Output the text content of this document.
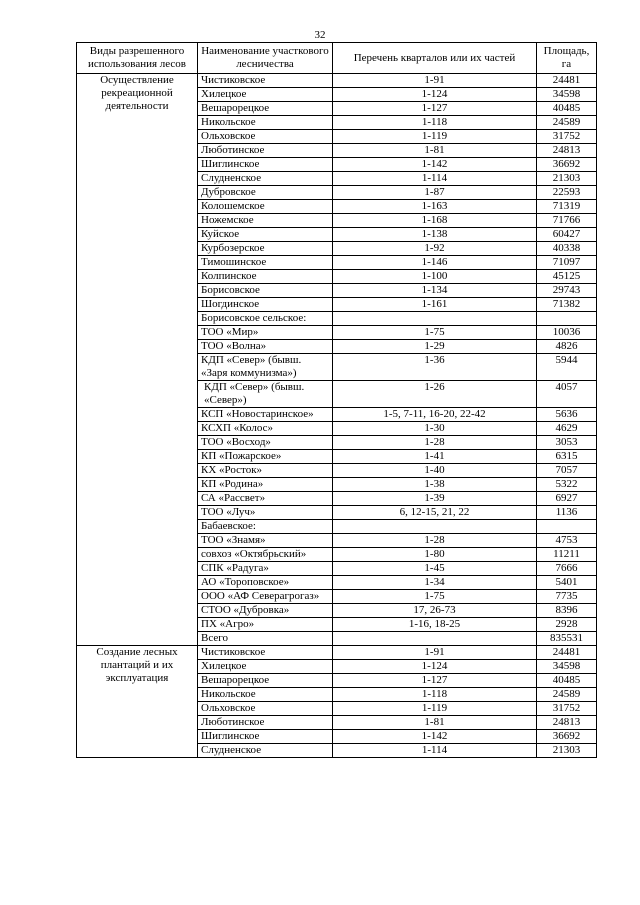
32
Виды разрешенного использования лесов	Наименование участкового лесничества	Перечень кварталов или их частей	Площадь, га
Осуществление рекреационной деятельности	Чистиковское	1-91	24481
	Хилецкое	1-124	34598
	Вешарорецкое	1-127	40485
	Никольское	1-118	24589
	Ольховское	1-119	31752
	Люботинское	1-81	24813
	Шиглинское	1-142	36692
	Слудненское	1-114	21303
	Дубровское	1-87	22593
	Колошемское	1-163	71319
	Ножемское	1-168	71766
	Куйское	1-138	60427
	Курбозерское	1-92	40338
	Тимошинское	1-146	71097
	Колпинское	1-100	45125
	Борисовское	1-134	29743
	Шогдинское	1-161	71382
	Борисовское сельское:		
	ТОО «Мир»	1-75	10036
	ТОО «Волна»	1-29	4826
	КДП «Север» (бывш. «Заря коммунизма»)	1-36	5944
	КДП «Север» (бывш. «Север»)	1-26	4057
	КСП «Новостаринское»	1-5, 7-11, 16-20, 22-42	5636
	КСХП «Колос»	1-30	4629
	ТОО «Восход»	1-28	3053
	КП «Пожарское»	1-41	6315
	КХ «Росток»	1-40	7057
	КП «Родина»	1-38	5322
	СА «Рассвет»	1-39	6927
	ТОО «Луч»	6, 12-15, 21, 22	1136
	Бабаевское:		
	ТОО «Знамя»	1-28	4753
	совхоз «Октябрьский»	1-80	11211
	СПК «Радуга»	1-45	7666
	АО «Тороповское»	1-34	5401
	ООО «АФ Северагрогаз»	1-75	7735
	СТОО «Дубровка»	17, 26-73	8396
	ПХ «Агро»	1-16, 18-25	2928
	Всего		835531
Создание лесных плантаций и их эксплуатация	Чистиковское	1-91	24481
	Хилецкое	1-124	34598
	Вешарорецкое	1-127	40485
	Никольское	1-118	24589
	Ольховское	1-119	31752
	Люботинское	1-81	24813
	Шиглинское	1-142	36692
	Слудненское	1-114	21303
